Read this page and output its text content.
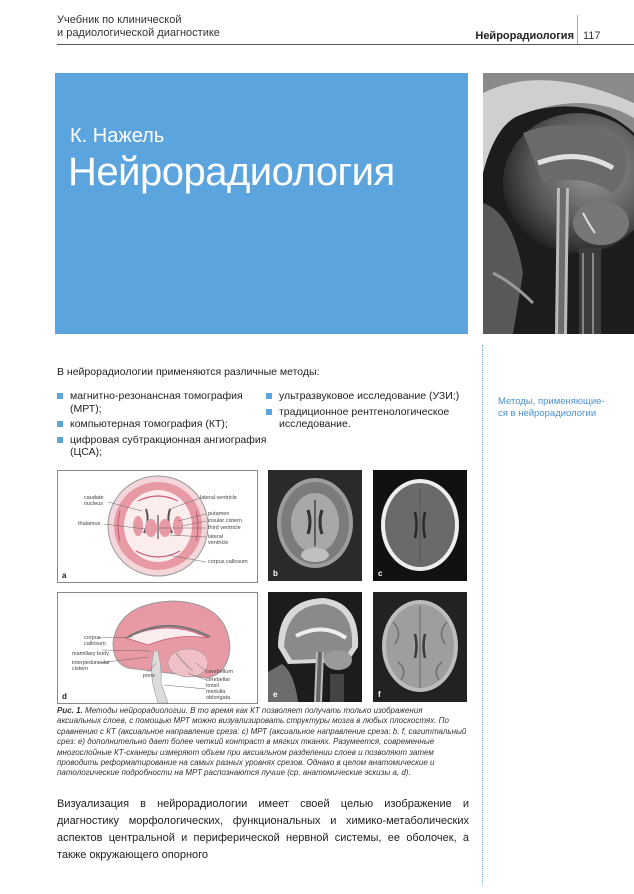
Учебник по клинической
и радиологической диагностике	Нейрорадиология 117
К. Нажель
Нейрорадиология
Методы, применяющие-ся в нейрорадиологии
В нейрорадиологии применяются различные методы:
магнитно-резонансная томография (МРТ);
компьютерная томография (КТ);
цифровая субтракционная ангиография (ЦСА);
ультразвуковое исследование (УЗИ;)
традиционное рентгенологическое исследование.
caudate nucleus
thalamus
lateral ventricle
putamen
insular cistern
third ventricle
lateral ventricle
corpus callosum
a	b	c
corpus callosum
mamillary body
interpeduncular cistern
pons
cerebellum
cerebellar tonsil
medulla oblongata
d	e	f
Рис. 1. Методы нейрорадиологии. В то время как КТ позволяет получать только изображения аксиальных слоев, с помощью МРТ можно визуализировать структуры мозга в любых плоскостях. По сравнению с КТ (аксиальное направление среза: c) МРТ (аксиальное направление среза: b, f, сагиттальный срез: e) дополнительно дает более четкий контраст в мягких тканях. Разумеется, современные многослойные КТ-сканеры измеряют объем при аксиальном разделении слоев и позволяют затем проводить реформатирование на самых разных уровнях срезов. Однако в целом анатомические и патологические подробности на МРТ распознаются лучше (ср. анатомические эскизы a, d).
Визуализация в нейрорадиологии имеет своей целью изображение и диагностику морфологических, функциональных и химико-метаболических аспектов центральной и периферической нервной системы, ее оболочек, а также окружающего опорного
